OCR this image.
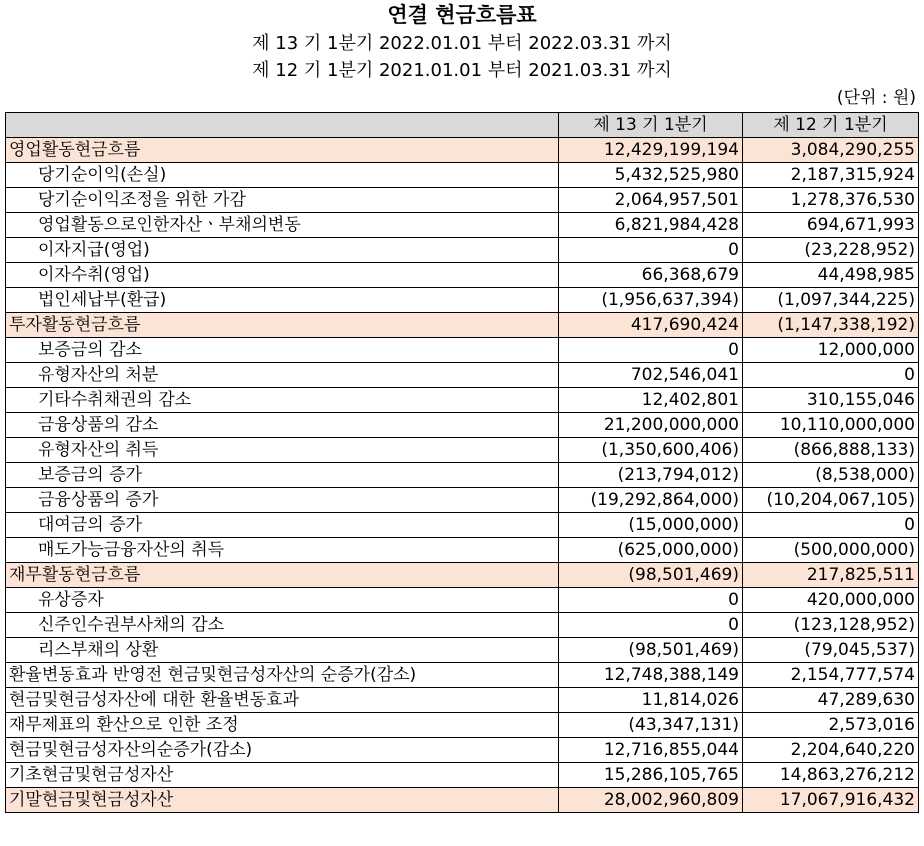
연결 현금흐름표
제 13 기 1분기 2022.01.01 부터 2022.03.31 까지
제 12 기 1분기 2021.01.01 부터 2021.03.31 까지
(단위 : 원)
	제 13 기 1분기	제 12 기 1분기
영업활동현금흐름	12,429,199,194	3,084,290,255
당기순이익(손실)	5,432,525,980	2,187,315,924
당기순이익조정을 위한 가감	2,064,957,501	1,278,376,530
영업활동으로인한자산ㆍ부채의변동	6,821,984,428	694,671,993
이자지급(영업)	0	(23,228,952)
이자수취(영업)	66,368,679	44,498,985
법인세납부(환급)	(1,956,637,394)	(1,097,344,225)
투자활동현금흐름	417,690,424	(1,147,338,192)
보증금의 감소	0	12,000,000
유형자산의 처분	702,546,041	0
기타수취채권의 감소	12,402,801	310,155,046
금융상품의 감소	21,200,000,000	10,110,000,000
유형자산의 취득	(1,350,600,406)	(866,888,133)
보증금의 증가	(213,794,012)	(8,538,000)
금융상품의 증가	(19,292,864,000)	(10,204,067,105)
대여금의 증가	(15,000,000)	0
매도가능금융자산의 취득	(625,000,000)	(500,000,000)
재무활동현금흐름	(98,501,469)	217,825,511
유상증자	0	420,000,000
신주인수권부사채의 감소	0	(123,128,952)
리스부채의 상환	(98,501,469)	(79,045,537)
환율변동효과 반영전 현금및현금성자산의 순증가(감소)	12,748,388,149	2,154,777,574
현금및현금성자산에 대한 환율변동효과	11,814,026	47,289,630
재무제표의 환산으로 인한 조정	(43,347,131)	2,573,016
현금및현금성자산의순증가(감소)	12,716,855,044	2,204,640,220
기초현금및현금성자산	15,286,105,765	14,863,276,212
기말현금및현금성자산	28,002,960,809	17,067,916,432
